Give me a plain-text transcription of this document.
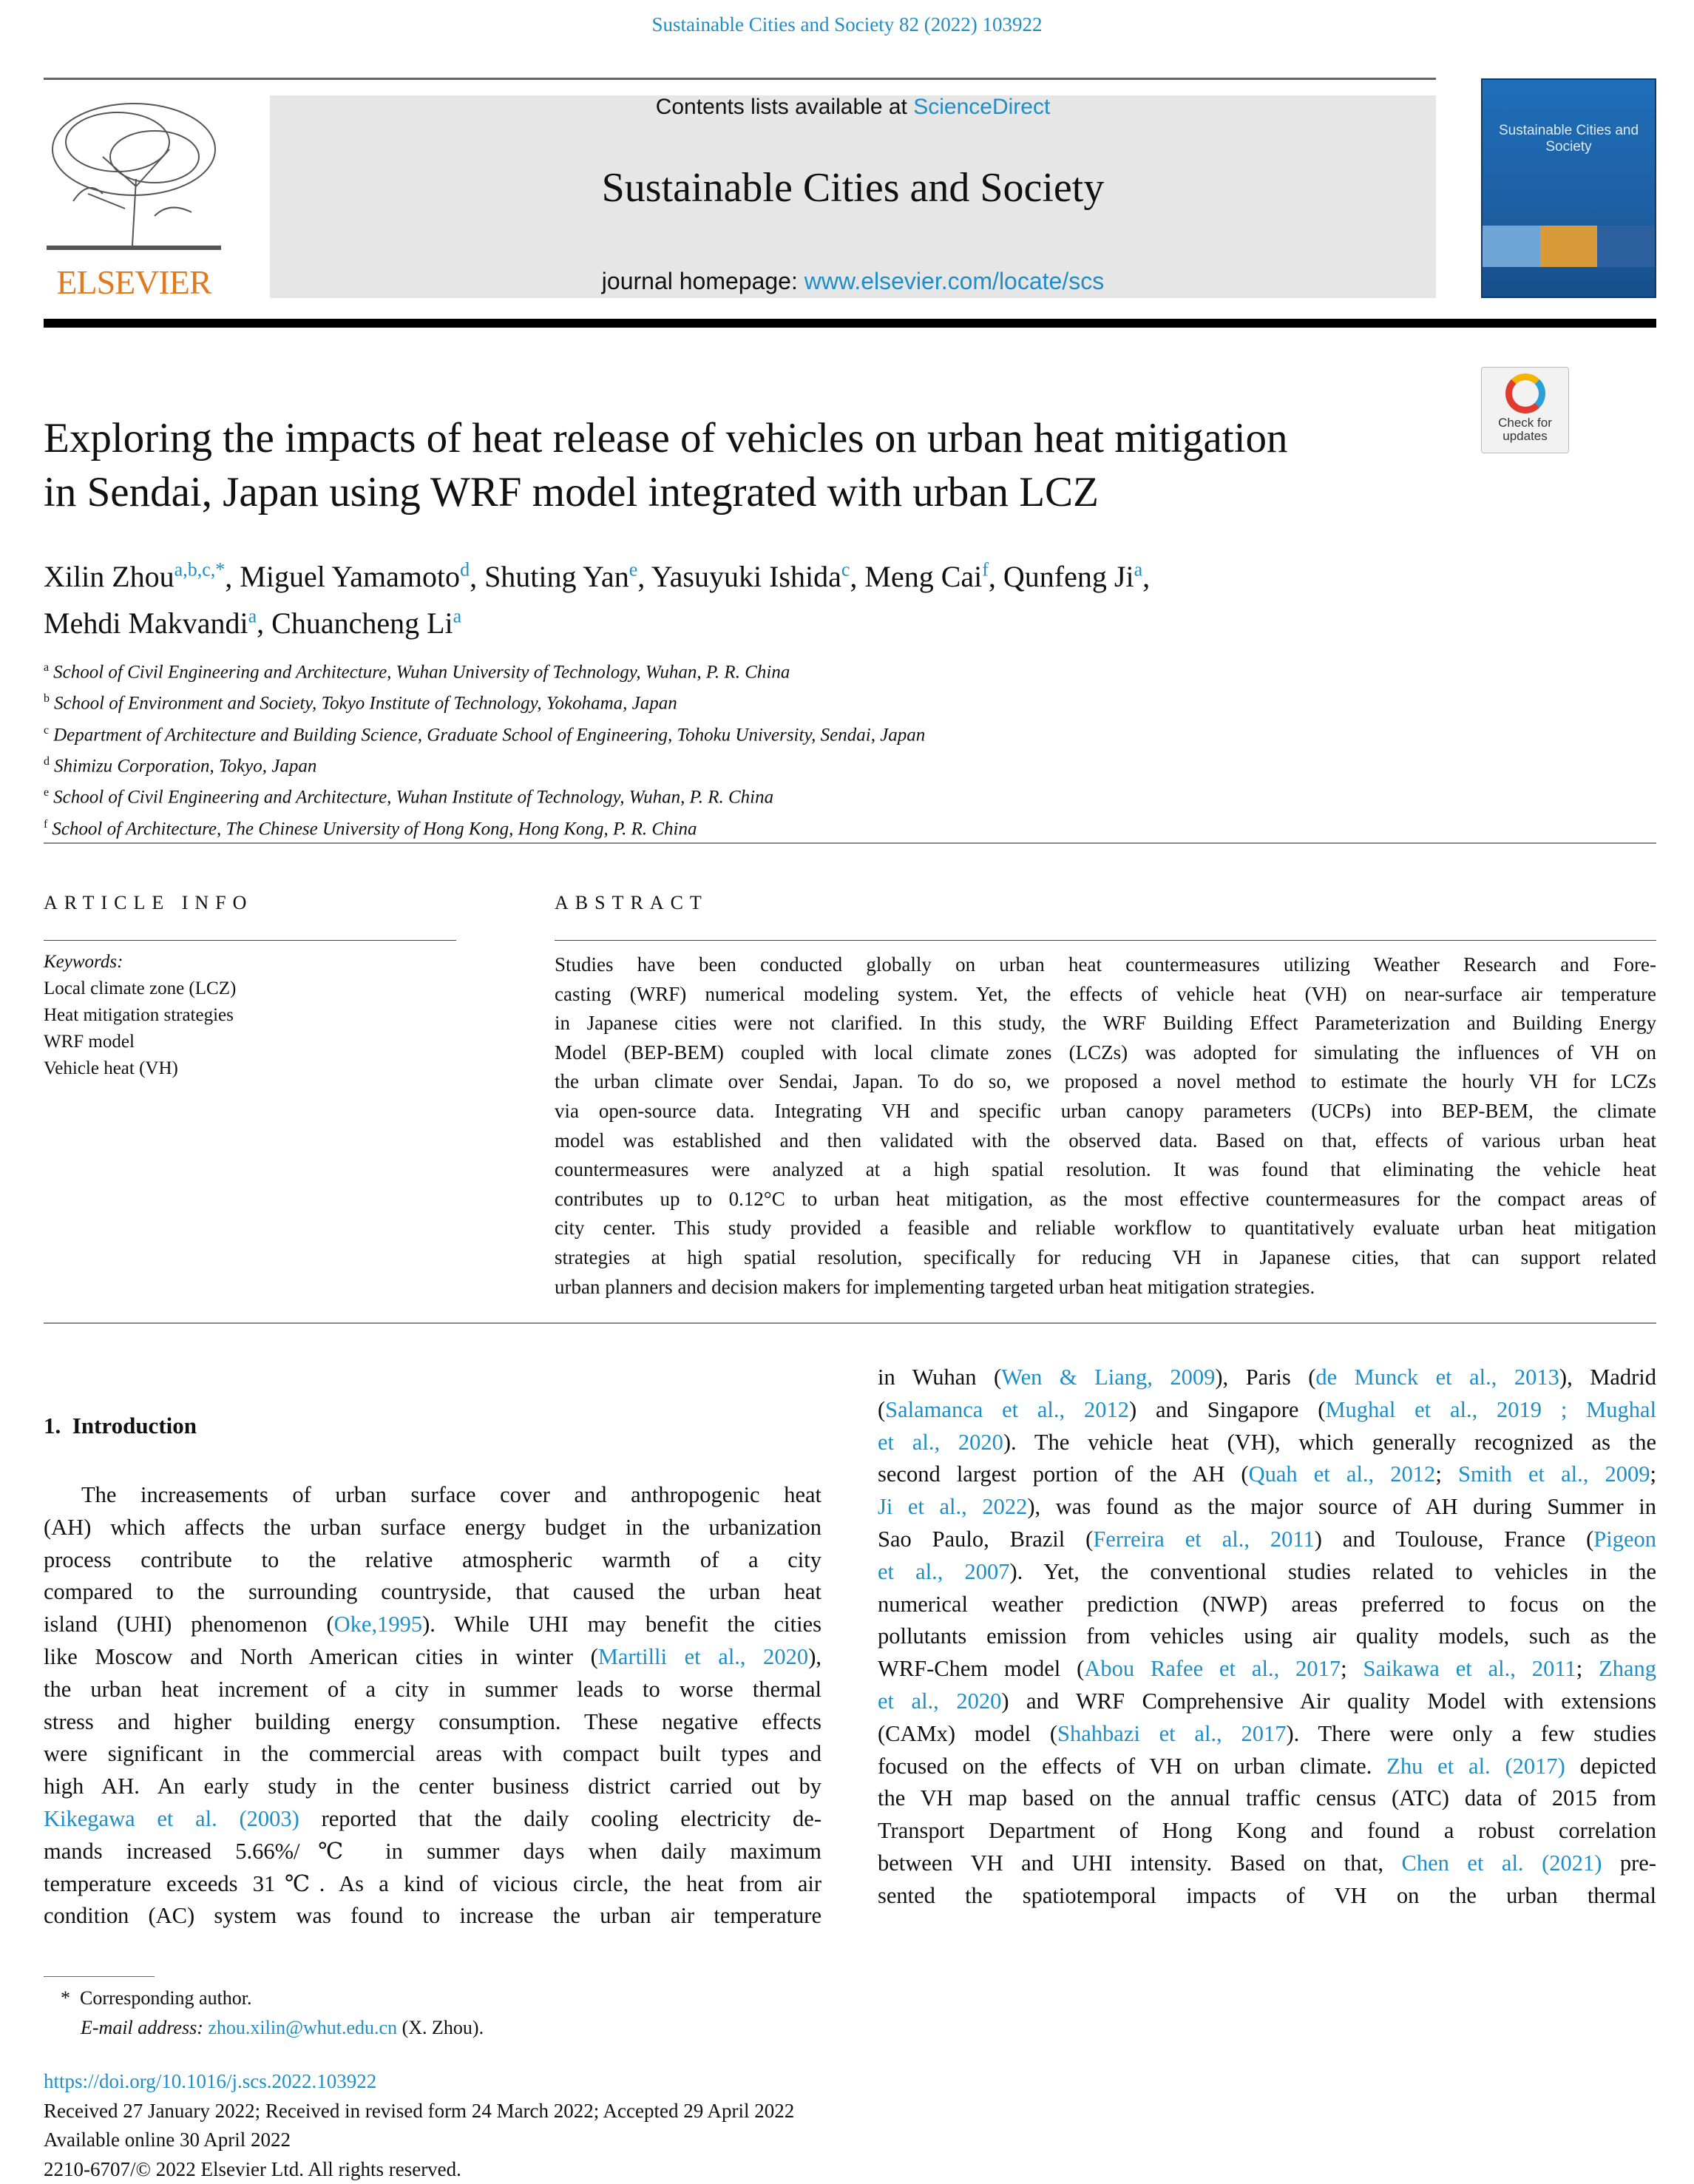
Sustainable Cities and Society 82 (2022) 103922
ELSEVIER
Contents lists available at ScienceDirect
Sustainable Cities and Society
journal homepage: www.elsevier.com/locate/scs
Sustainable Cities and Society
Check for updates
Exploring the impacts of heat release of vehicles on urban heat mitigation
in Sendai, Japan using WRF model integrated with urban LCZ
Xilin Zhou$^{a,b,c,*}$, Miguel Yamamoto$^d$, Shuting Yan$^e$, Yasuyuki Ishida$^c$, Meng Cai$^f$, Qunfeng Ji$^a$,
Mehdi Makvandi$^a$, Chuancheng Li$^a$
$^a$ School of Civil Engineering and Architecture, Wuhan University of Technology, Wuhan, P. R. China
$^b$ School of Environment and Society, Tokyo Institute of Technology, Yokohama, Japan
$^c$ Department of Architecture and Building Science, Graduate School of Engineering, Tohoku University, Sendai, Japan
$^d$ Shimizu Corporation, Tokyo, Japan
$^e$ School of Civil Engineering and Architecture, Wuhan Institute of Technology, Wuhan, P. R. China
$^f$ School of Architecture, The Chinese University of Hong Kong, Hong Kong, P. R. China
ARTICLE INFO
Keywords:
Local climate zone (LCZ)
Heat mitigation strategies
WRF model
Vehicle heat (VH)
ABSTRACT
Studies have been conducted globally on urban heat countermeasures utilizing Weather Research and Fore-
casting (WRF) numerical modeling system. Yet, the effects of vehicle heat (VH) on near-surface air temperature
in Japanese cities were not clarified. In this study, the WRF Building Effect Parameterization and Building Energy
Model (BEP-BEM) coupled with local climate zones (LCZs) was adopted for simulating the influences of VH on
the urban climate over Sendai, Japan. To do so, we proposed a novel method to estimate the hourly VH for LCZs
via open-source data. Integrating VH and specific urban canopy parameters (UCPs) into BEP-BEM, the climate
model was established and then validated with the observed data. Based on that, effects of various urban heat
countermeasures were analyzed at a high spatial resolution. It was found that eliminating the vehicle heat
contributes up to 0.12°C to urban heat mitigation, as the most effective countermeasures for the compact areas of
city center. This study provided a feasible and reliable workflow to quantitatively evaluate urban heat mitigation
strategies at high spatial resolution, specifically for reducing VH in Japanese cities, that can support related
urban planners and decision makers for implementing targeted urban heat mitigation strategies.
1.  Introduction
The increasements of urban surface cover and anthropogenic heat
(AH) which affects the urban surface energy budget in the urbanization
process contribute to the relative atmospheric warmth of a city
compared to the surrounding countryside, that caused the urban heat
island (UHI) phenomenon (Oke,1995). While UHI may benefit the cities
like Moscow and North American cities in winter (Martilli et al., 2020),
the urban heat increment of a city in summer leads to worse thermal
stress and higher building energy consumption. These negative effects
were significant in the commercial areas with compact built types and
high AH. An early study in the center business district carried out by
Kikegawa et al. (2003) reported that the daily cooling electricity de-
mands increased 5.66%/℃ in summer days when daily maximum
temperature exceeds 31℃. As a kind of vicious circle, the heat from air
condition (AC) system was found to increase the urban air temperature
in Wuhan (Wen & Liang, 2009), Paris (de Munck et al., 2013), Madrid
(Salamanca et al., 2012) and Singapore (Mughal et al., 2019 ; Mughal
et al., 2020). The vehicle heat (VH), which generally recognized as the
second largest portion of the AH (Quah et al., 2012; Smith et al., 2009;
Ji et al., 2022), was found as the major source of AH during Summer in
Sao Paulo, Brazil (Ferreira et al., 2011) and Toulouse, France (Pigeon
et al., 2007). Yet, the conventional studies related to vehicles in the
numerical weather prediction (NWP) areas preferred to focus on the
pollutants emission from vehicles using air quality models, such as the
WRF-Chem model (Abou Rafee et al., 2017; Saikawa et al., 2011; Zhang
et al., 2020) and WRF Comprehensive Air quality Model with extensions
(CAMx) model (Shahbazi et al., 2017). There were only a few studies
focused on the effects of VH on urban climate. Zhu et al. (2017) depicted
the VH map based on the annual traffic census (ATC) data of 2015 from
Transport Department of Hong Kong and found a robust correlation
between VH and UHI intensity. Based on that, Chen et al. (2021) pre-
sented the spatiotemporal impacts of VH on the urban thermal
* Corresponding author.
E-mail address: zhou.xilin@whut.edu.cn (X. Zhou).
https://doi.org/10.1016/j.scs.2022.103922
Received 27 January 2022; Received in revised form 24 March 2022; Accepted 29 April 2022
Available online 30 April 2022
2210-6707/© 2022 Elsevier Ltd. All rights reserved.
